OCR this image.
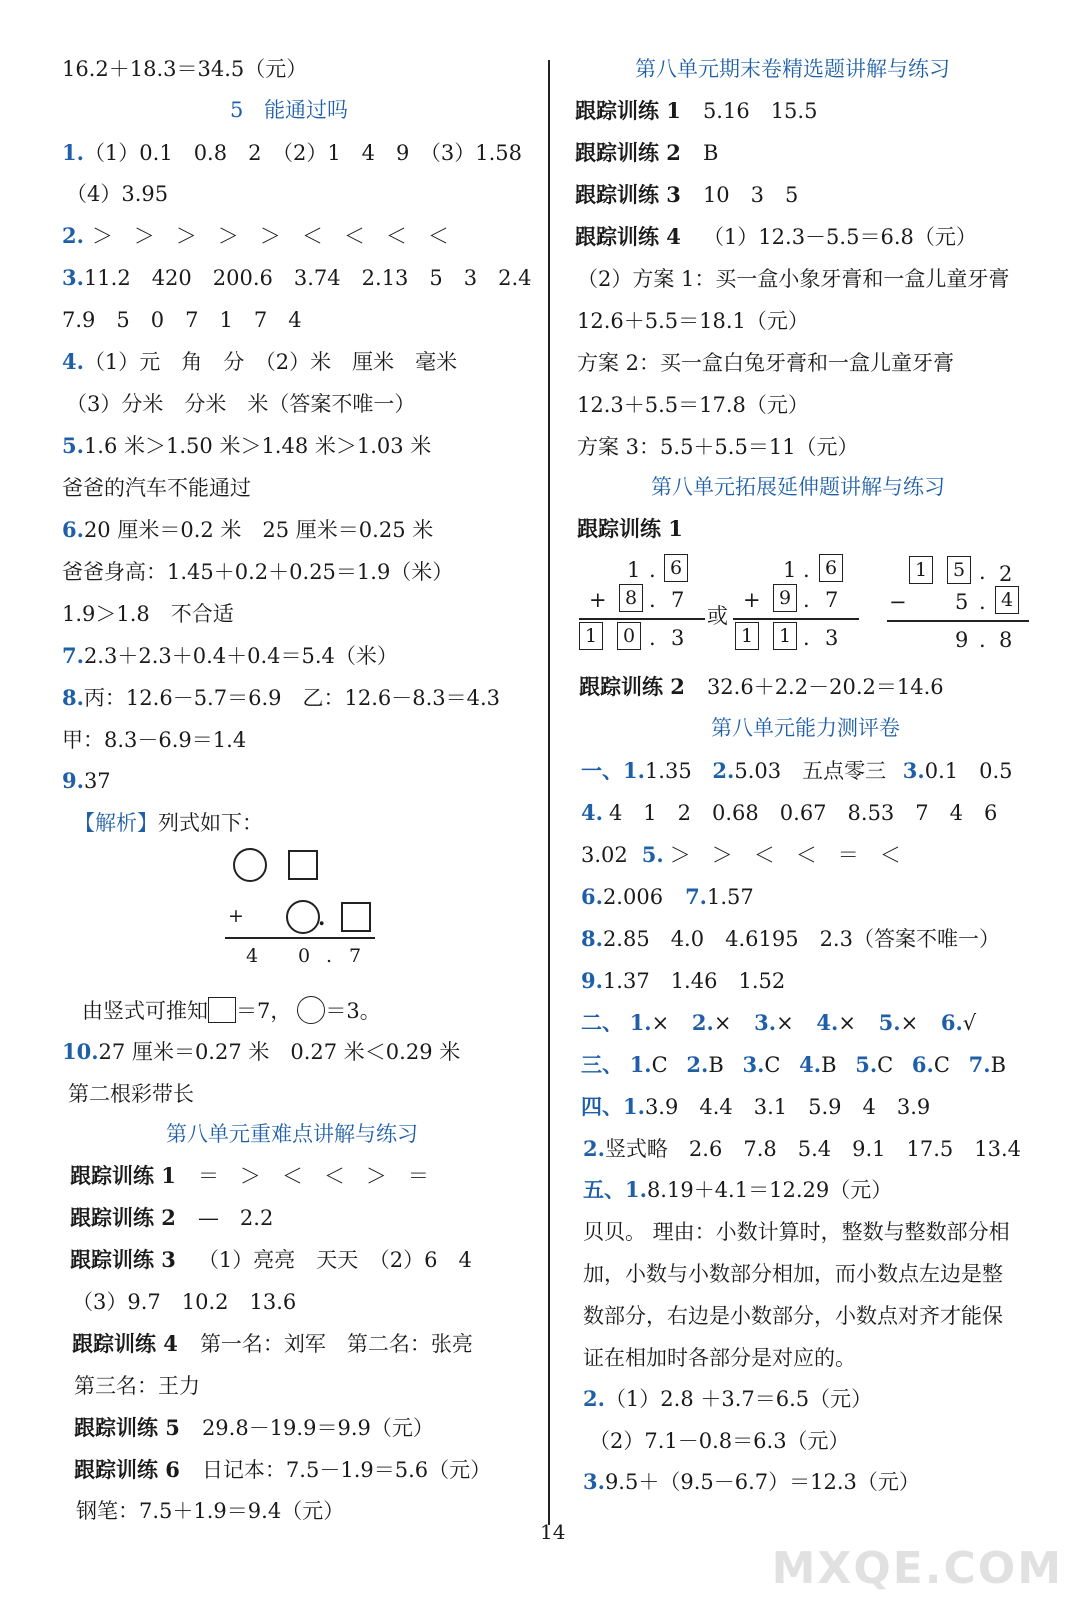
16.2＋18.3＝34.5（元）
5 能通过吗
1.（1）0.1　0.8　2　（2）1　4　9　（3）1.58
（4）3.95
2. ＞　＞　＞　＞　＞　＜　＜　＜　＜
3.11.2　420　200.6　3.74　2.13　5　3　2.4
7.9　5　0　7　1　7　4
4.（1）元　角　分　（2）米　厘米　毫米
（3）分米　分米　米（答案不唯一）
5.1.6 米＞1.50 米＞1.48 米＞1.03 米
爸爸的汽车不能通过
6.20 厘米＝0.2 米　25 厘米＝0.25 米
爸爸身高：1.45＋0.2＋0.25＝1.9（米）
1.9＞1.8　不合适
7.2.3＋2.3＋0.4＋0.4＝5.4（米）
8.丙：12.6－5.7＝6.9　乙：12.6－8.3＝4.3
甲：8.3－6.9＝1.4
9.37
【解析】列式如下：
+	.
4 0 . 7
由竖式可推知 ＝7， ＝3。
10.27 厘米＝0.27 米　0.27 米＜0.29 米
第二根彩带长
第八单元重难点讲解与练习
跟踪训练 1 ＝　＞　＜　＜　＞　＝
跟踪训练 2 —　2.2
跟踪训练 3 （1）亮亮　天天　（2）6　4
（3）9.7　10.2　13.6
跟踪训练 4 第一名：刘军　第二名：张亮
第三名：王力
跟踪训练 5 29.8－19.9＝9.9（元）
跟踪训练 6 日记本：7.5－1.9＝5.6（元）
钢笔：7.5＋1.9＝9.4（元）
第八单元期末卷精选题讲解与练习
跟踪训练 1 5.16　15.5
跟踪训练 2 B
跟踪训练 3 10　3　5
跟踪训练 4 （1）12.3－5.5＝6.8（元）
（2）方案 1：买一盒小象牙膏和一盒儿童牙膏
12.6＋5.5＝18.1（元）
方案 2：买一盒白兔牙膏和一盒儿童牙膏
12.3＋5.5＝17.8（元）
方案 3：5.5＋5.5＝11（元）
第八单元拓展延伸题讲解与练习
跟踪训练 1
1 . 6
+ 8 . 7
1	0 . 3
或
1 . 6
+ 9 . 7
1	1 . 3
1	5 . 2
− 5 . 4
9 . 8
跟踪训练 2 32.6＋2.2－20.2＝14.6
第八单元能力测评卷
一、1.1.35 2.5.03　五点零三 3.0.1　0.5
4. 4　1　2　0.68　0.67　8.53　7　4　6
3.02 5. ＞　＞　＜　＜　＝　＜
6.2.006 7.1.57
8.2.85　4.0　4.6195　2.3（答案不唯一）
9.1.37　1.46　1.52
二、 1.× 2.× 3.× 4.× 5.× 6.√
三、 1.C 2.B 3.C 4.B 5.C 6.C 7.B
四、1.3.9　4.4　3.1　5.9　4　3.9
2.竖式略　2.6　7.8　5.4　9.1　17.5　13.4
五、1.8.19＋4.1＝12.29（元）
贝贝。 理由：小数计算时，整数与整数部分相
加，小数与小数部分相加，而小数点左边是整
数部分，右边是小数部分，小数点对齐才能保
证在相加时各部分是对应的。
2.（1）2.8 ＋3.7＝6.5（元）
（2）7.1－0.8＝6.3（元）
3.9.5＋（9.5－6.7）＝12.3（元）
14
MXQE.COM
